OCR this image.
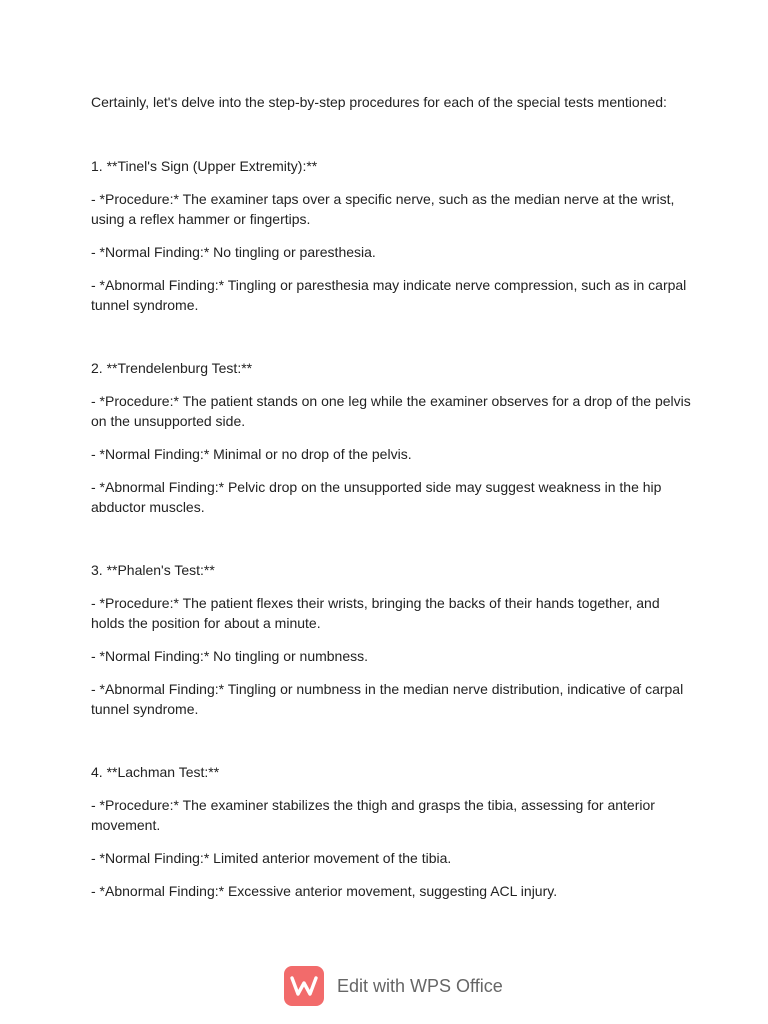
Certainly, let's delve into the step-by-step procedures for each of the special tests mentioned:

1. **Tinel's Sign (Upper Extremity):**

- *Procedure:* The examiner taps over a specific nerve, such as the median nerve at the wrist, using a reflex hammer or fingertips.

- *Normal Finding:* No tingling or paresthesia.

- *Abnormal Finding:* Tingling or paresthesia may indicate nerve compression, such as in carpal tunnel syndrome.

2. **Trendelenburg Test:**

- *Procedure:* The patient stands on one leg while the examiner observes for a drop of the pelvis on the unsupported side.

- *Normal Finding:* Minimal or no drop of the pelvis.

- *Abnormal Finding:* Pelvic drop on the unsupported side may suggest weakness in the hip abductor muscles.

3. **Phalen's Test:**

- *Procedure:* The patient flexes their wrists, bringing the backs of their hands together, and holds the position for about a minute.

- *Normal Finding:* No tingling or numbness.

- *Abnormal Finding:* Tingling or numbness in the median nerve distribution, indicative of carpal tunnel syndrome.

4. **Lachman Test:**

- *Procedure:* The examiner stabilizes the thigh and grasps the tibia, assessing for anterior movement.

- *Normal Finding:* Limited anterior movement of the tibia.

- *Abnormal Finding:* Excessive anterior movement, suggesting ACL injury.

Edit with WPS Office
